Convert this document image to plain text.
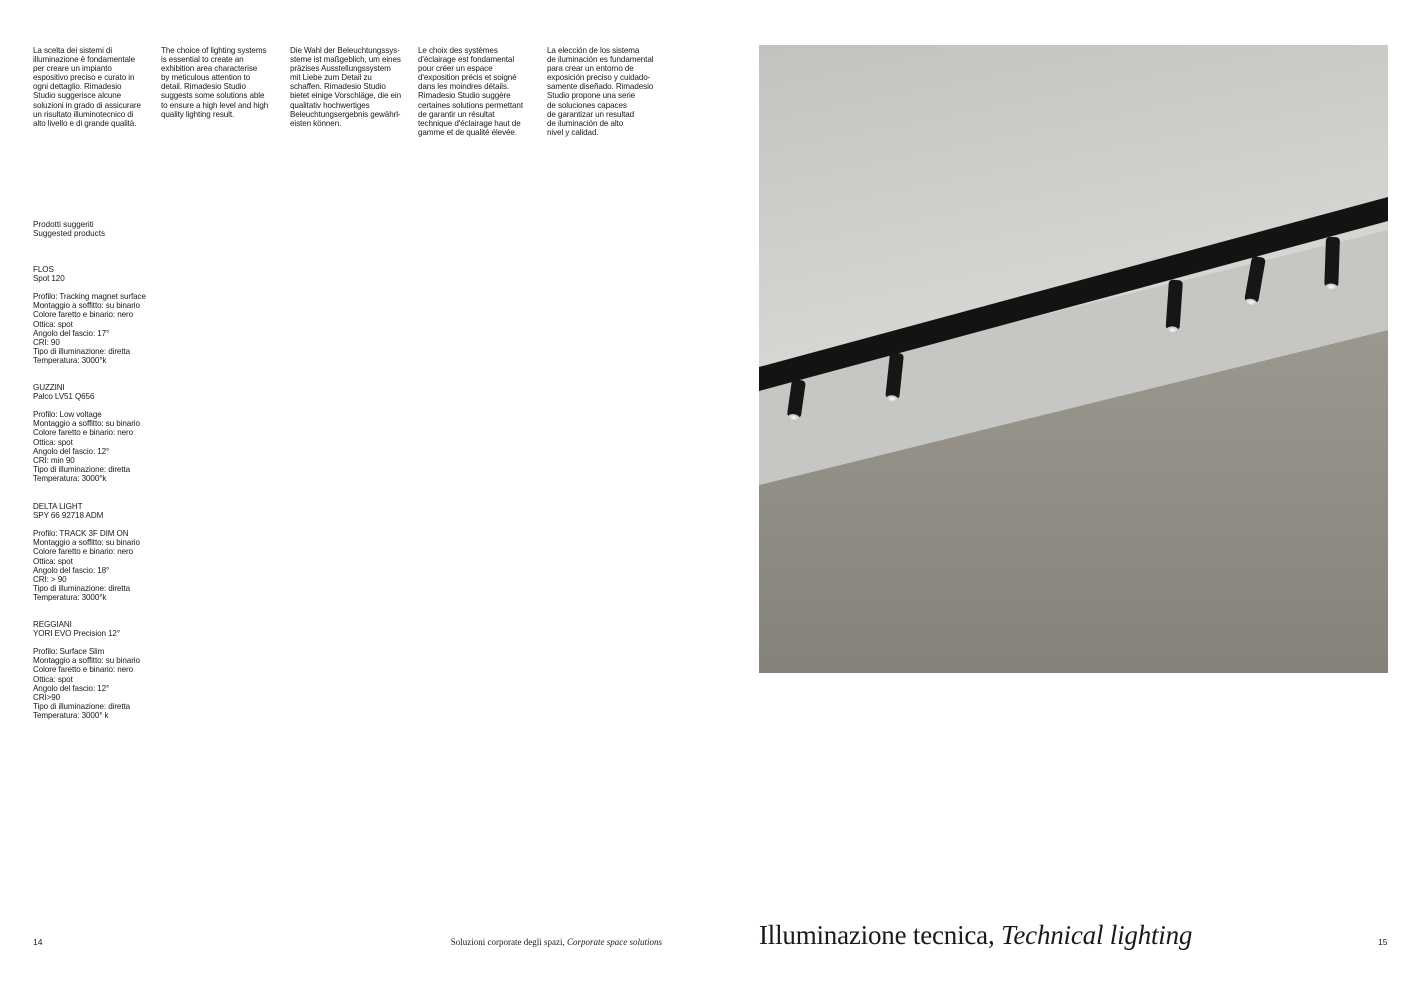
La scelta dei sistemi di
illuminazione è fondamentale
per creare un impianto
espositivo preciso e curato in
ogni dettaglio. Rimadesio
Studio suggerisce alcune
soluzioni in grado di assicurare
un risultato illuminotecnico di
alto livello e di grande qualità.
The choice of lighting systems
is essential to create an
exhibition area characterise
by meticulous attention to
detail. Rimadesio Studio
suggests some solutions able
to ensure a high level and high
quality lighting result.
Die Wahl der Beleuchtungssys-
steme ist maßgeblich, um eines
präzises Ausstellungssystem
mit Liebe zum Detail zu
schaffen. Rimadesio Studio
bietet einige Vorschläge, die ein
qualitativ hochwertiges
Beleuchtungsergebnis gewährl-
eisten können.
Le choix des systèmes
d'éclairage est fondamental
pour créer un espace
d'exposition précis et soigné
dans les moindres détails.
Rimadesio Studio suggère
certaines solutions permettant
de garantir un résultat
technique d'éclairage haut de
gamme et de qualité élevée.
La elección de los sistema
de iluminación es fundamental
para crear un entorno de
exposición preciso y cuidado-
samente diseñado. Rimadesio
Studio propone una serie
de soluciones capaces
de garantizar un resultad
de iluminación de alto
nivel y calidad.
Prodotti suggeriti
Suggested products
FLOS
Spot 120
Profilo: Tracking magnet surface
Montaggio a soffitto: su binario
Colore faretto e binario: nero
Ottica: spot
Angolo del fascio: 17°
CRI: 90
Tipo di illuminazione: diretta
Temperatura: 3000°k
GUZZINI
Palco LV51 Q656
Profilo: Low voltage
Montaggio a soffitto: su binario
Colore faretto e binario: nero
Ottica: spot
Angolo del fascio: 12°
CRI: min 90
Tipo di illuminazione: diretta
Temperatura: 3000°k
DELTA LIGHT
SPY 66 92718 ADM
Profilo: TRACK 3F DIM ON
Montaggio a soffitto: su binario
Colore faretto e binario: nero
Ottica: spot
Angolo del fascio: 18°
CRI: > 90
Tipo di illuminazione: diretta
Temperatura: 3000°k
REGGIANI
YORI EVO Precision 12°
Profilo: Surface Slim
Montaggio a soffitto: su binario
Colore faretto e binario: nero
Ottica: spot
Angolo del fascio: 12°
CRI>90
Tipo di illuminazione: diretta
Temperatura: 3000° k
14	Soluzioni corporate degli spazi, Corporate space solutions	Illuminazione tecnica, Technical lighting	15
